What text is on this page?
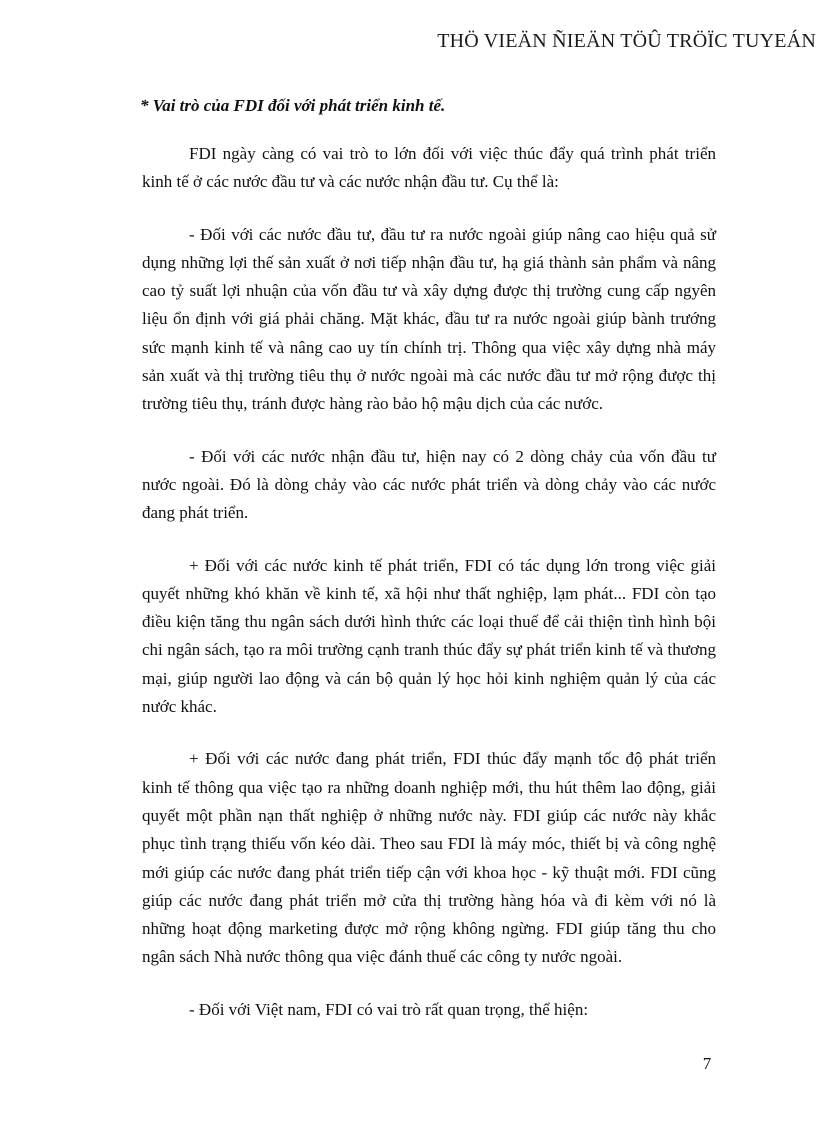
THÖ VIEÄN ÑIEÄN TÖÛ TRÖÏC TUYEÁN
* Vai trò của FDI đối với phát triển kinh tế.

FDI ngày càng có vai trò to lớn đối với việc thúc đẩy quá trình phát triển kinh tế ở các nước đầu tư và các nước nhận đầu tư. Cụ thể là:

- Đối với các nước đầu tư, đầu tư ra nước ngoài giúp nâng cao hiệu quả sử dụng những lợi thế sản xuất ở nơi tiếp nhận đầu tư, hạ giá thành sản phẩm và nâng cao tỷ suất lợi nhuận của vốn đầu tư và xây dựng được thị trường cung cấp ngyên liệu ổn định với giá phải chăng. Mặt khác, đầu tư ra nước ngoài giúp bành trướng sức mạnh kinh tế và nâng cao uy tín chính trị. Thông qua việc xây dựng nhà máy sản xuất và thị trường tiêu thụ ở nước ngoài mà các nước đầu tư mở rộng được thị trường tiêu thụ, tránh được hàng rào bảo hộ mậu dịch của các nước.

- Đối với các nước nhận đầu tư, hiện nay có 2 dòng chảy của vốn đầu tư nước ngoài. Đó là dòng chảy vào các nước phát triển và dòng chảy vào các nước đang phát triển.

+ Đối với các nước kinh tế phát triển, FDI có tác dụng lớn trong việc giải quyết những khó khăn về kinh tế, xã hội như thất nghiệp, lạm phát... FDI còn tạo điều kiện tăng thu ngân sách dưới hình thức các loại thuế để cải thiện tình hình bội chi ngân sách, tạo ra môi trường cạnh tranh thúc đẩy sự phát triển kinh tế và thương mại, giúp người lao động và cán bộ quản lý học hỏi kinh nghiệm quản lý của các nước khác.

+ Đối với các nước đang phát triển, FDI thúc đẩy mạnh tốc độ phát triển kinh tế thông qua việc tạo ra những doanh nghiệp mới, thu hút thêm lao động, giải quyết một phần nạn thất nghiệp ở những nước này. FDI giúp các nước này khắc phục tình trạng thiếu vốn kéo dài. Theo sau FDI là máy móc, thiết bị và công nghệ mới giúp các nước đang phát triển tiếp cận với khoa học - kỹ thuật mới. FDI cũng giúp các nước đang phát triển mở cửa thị trường hàng hóa và đi kèm với nó là những hoạt động marketing được mở rộng không ngừng. FDI giúp tăng thu cho ngân sách Nhà nước thông qua việc đánh thuế các công ty nước ngoài.

- Đối với Việt nam, FDI có vai trò rất quan trọng, thể hiện:

7
